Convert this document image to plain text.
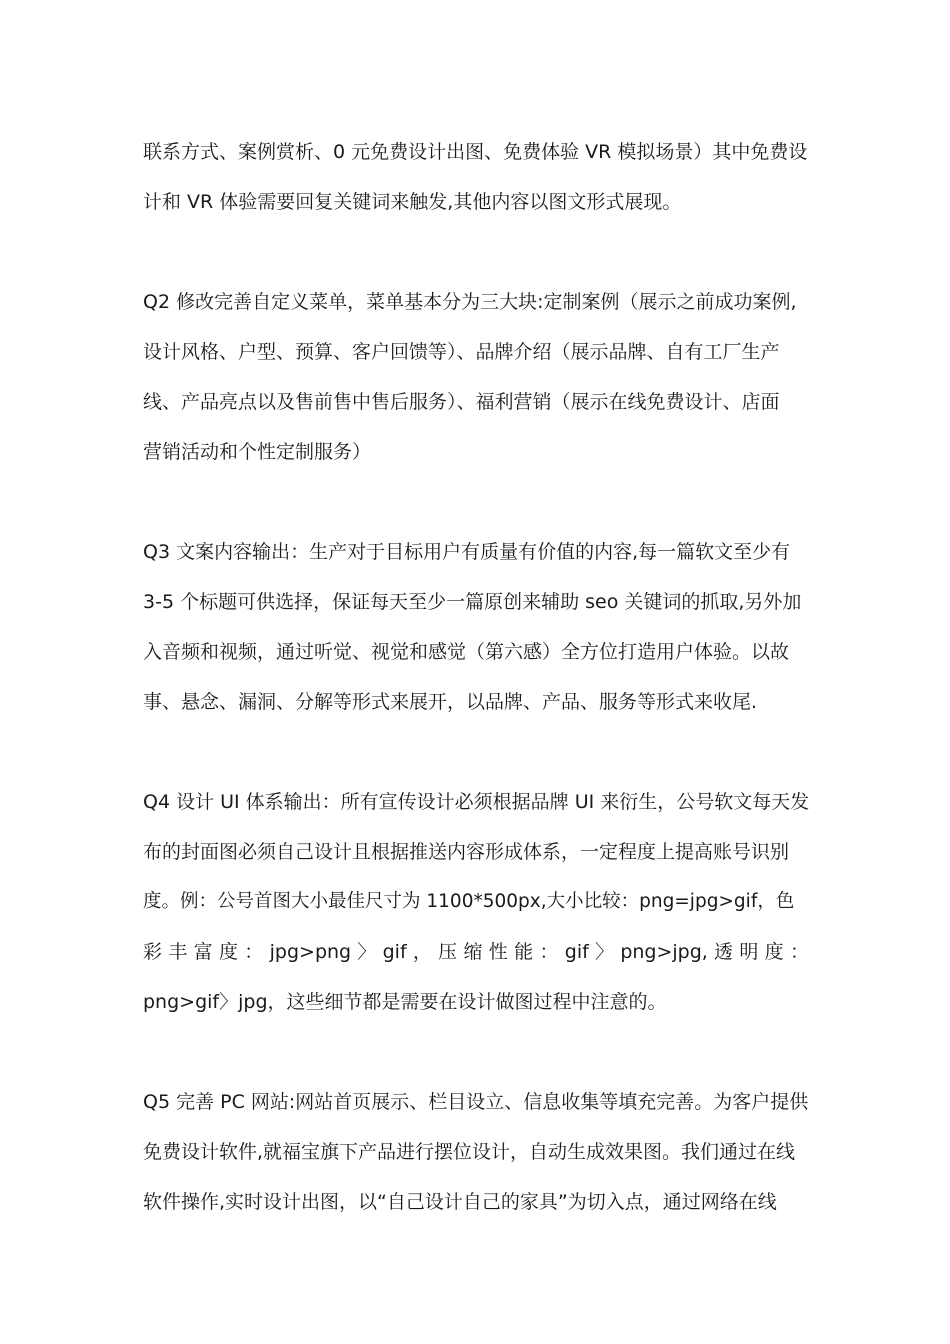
联系方式、案例赏析、0 元免费设计出图、免费体验 VR 模拟场景）其中免费设
计和 VR 体验需要回复关键词来触发,其他内容以图文形式展现。
Q2 修改完善自定义菜单，菜单基本分为三大块:定制案例（展示之前成功案例,
设计风格、户型、预算、客户回馈等）、品牌介绍（展示品牌、自有工厂生产
线、产品亮点以及售前售中售后服务）、福利营销（展示在线免费设计、店面
营销活动和个性定制服务）
Q3 文案内容输出：生产对于目标用户有质量有价值的内容,每一篇软文至少有
3-5 个标题可供选择，保证每天至少一篇原创来辅助 seo 关键词的抓取,另外加
入音频和视频，通过听觉、视觉和感觉（第六感）全方位打造用户体验。以故
事、悬念、漏洞、分解等形式来展开，以品牌、产品、服务等形式来收尾.
Q4 设计 UI 体系输出：所有宣传设计必须根据品牌 UI 来衍生，公号软文每天发
布的封面图必须自己设计且根据推送内容形成体系，一定程度上提高账号识别
度。例：公号首图大小最佳尺寸为 1100*500px,大小比较：png=jpg>gif，色
彩 丰 富 度 ： jpg>png 〉 gif ， 压 缩 性 能 ： gif 〉 png>jpg, 透 明 度 ：
png>gif〉jpg，这些细节都是需要在设计做图过程中注意的。
Q5 完善 PC 网站:网站首页展示、栏目设立、信息收集等填充完善。为客户提供
免费设计软件,就福宝旗下产品进行摆位设计，自动生成效果图。我们通过在线
软件操作,实时设计出图，以“自己设计自己的家具”为切入点，通过网络在线
